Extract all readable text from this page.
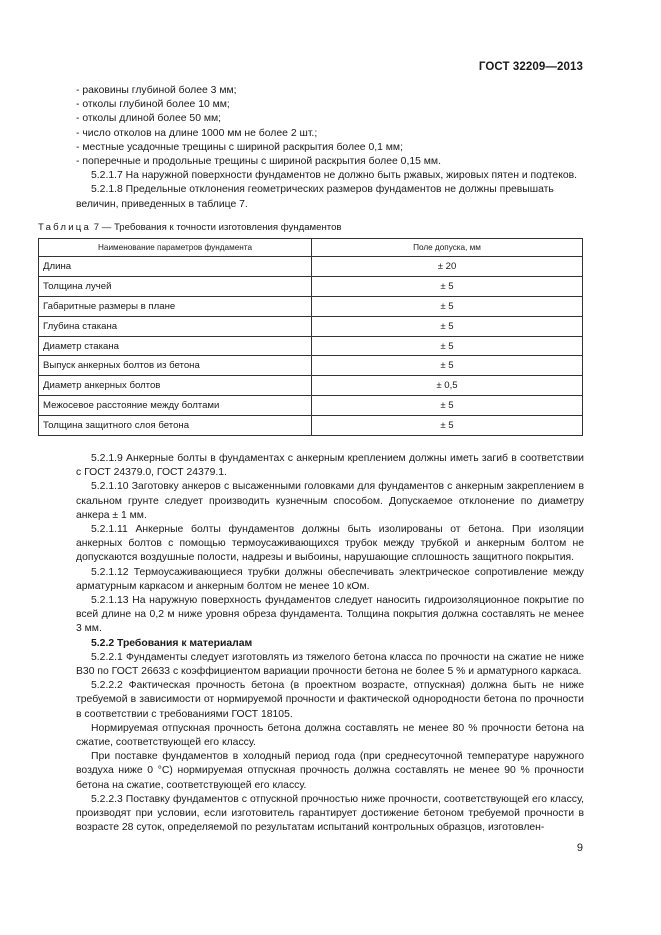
ГОСТ 32209—2013
- раковины глубиной более 3 мм;
- отколы глубиной более 10 мм;
- отколы длиной более 50 мм;
- число отколов на длине 1000 мм не более 2 шт.;
- местные усадочные трещины с шириной раскрытия более 0,1 мм;
- поперечные и продольные трещины с шириной раскрытия более 0,15 мм.

5.2.1.7 На наружной поверхности фундаментов не должно быть ржавых, жировых пятен и подтеков.

5.2.1.8 Предельные отклонения геометрических размеров фундаментов не должны превышать величин, приведенных в таблице 7.

Таблица 7 — Требования к точности изготовления фундаментов
Наименование параметров фундамента	Поле допуска, мм
Длина	± 20
Толщина лучей	± 5
Габаритные размеры в плане	± 5
Глубина стакана	± 5
Диаметр стакана	± 5
Выпуск анкерных болтов из бетона	± 5
Диаметр анкерных болтов	± 0,5
Межосевое расстояние между болтами	± 5
Толщина защитного слоя бетона	± 5

5.2.1.9 Анкерные болты в фундаментах с анкерным креплением должны иметь загиб в соответствии с ГОСТ 24379.0, ГОСТ 24379.1.

5.2.1.10 Заготовку анкеров с высаженными головками для фундаментов с анкерным закреплением в скальном грунте следует производить кузнечным способом. Допускаемое отклонение по диаметру анкера ± 1 мм.

5.2.1.11 Анкерные болты фундаментов должны быть изолированы от бетона. При изоляции анкерных болтов с помощью термоусаживающихся трубок между трубкой и анкерным болтом не допускаются воздушные полости, надрезы и выбоины, нарушающие сплошность защитного покрытия.

5.2.1.12 Термоусаживающиеся трубки должны обеспечивать электрическое сопротивление между арматурным каркасом и анкерным болтом не менее 10 кОм.

5.2.1.13 На наружную поверхность фундаментов следует наносить гидроизоляционное покрытие по всей длине на 0,2 м ниже уровня обреза фундамента. Толщина покрытия должна составлять не менее 3 мм.

5.2.2 Требования к материалам

5.2.2.1 Фундаменты следует изготовлять из тяжелого бетона класса по прочности на сжатие не ниже В30 по ГОСТ 26633 с коэффициентом вариации прочности бетона не более 5 % и арматурного каркаса.

5.2.2.2 Фактическая прочность бетона (в проектном возрасте, отпускная) должна быть не ниже требуемой в зависимости от нормируемой прочности и фактической однородности бетона по прочности в соответствии с требованиями ГОСТ 18105.

Нормируемая отпускная прочность бетона должна составлять не менее 80 % прочности бетона на сжатие, соответствующей его классу.

При поставке фундаментов в холодный период года (при среднесуточной температуре наружного воздуха ниже 0 °С) нормируемая отпускная прочность должна составлять не менее 90 % прочности бетона на сжатие, соответствующей его классу.

5.2.2.3 Поставку фундаментов с отпускной прочностью ниже прочности, соответствующей его классу, производят при условии, если изготовитель гарантирует достижение бетоном требуемой прочности в возрасте 28 суток, определяемой по результатам испытаний контрольных образцов, изготовлен-

9
